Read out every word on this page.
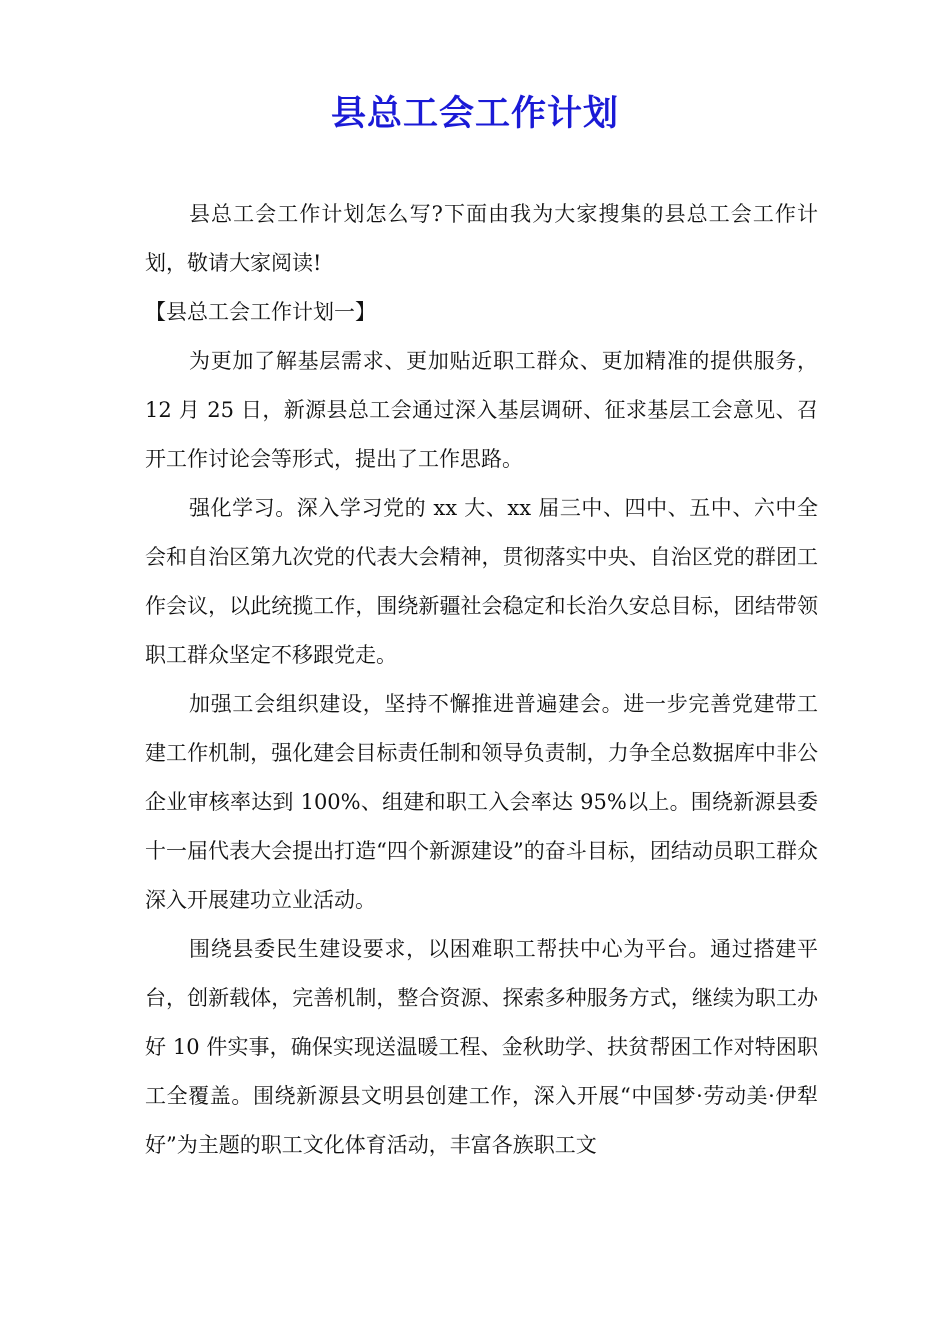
县总工会工作计划

县总工会工作计划怎么写?下面由我为大家搜集的县总工会工作计划，敬请大家阅读!

【县总工会工作计划一】

为更加了解基层需求、更加贴近职工群众、更加精准的提供服务，12 月 25 日，新源县总工会通过深入基层调研、征求基层工会意见、召开工作讨论会等形式，提出了工作思路。

强化学习。深入学习党的 xx 大、xx 届三中、四中、五中、六中全会和自治区第九次党的代表大会精神，贯彻落实中央、自治区党的群团工作会议，以此统揽工作，围绕新疆社会稳定和长治久安总目标，团结带领职工群众坚定不移跟党走。

加强工会组织建设，坚持不懈推进普遍建会。进一步完善党建带工建工作机制，强化建会目标责任制和领导负责制，力争全总数据库中非公企业审核率达到 100%、组建和职工入会率达 95%以上。围绕新源县委十一届代表大会提出打造“四个新源建设”的奋斗目标，团结动员职工群众深入开展建功立业活动。

围绕县委民生建设要求，以困难职工帮扶中心为平台。通过搭建平台，创新载体，完善机制，整合资源、探索多种服务方式，继续为职工办好 10 件实事，确保实现送温暖工程、金秋助学、扶贫帮困工作对特困职工全覆盖。围绕新源县文明县创建工作，深入开展“中国梦·劳动美·伊犁好”为主题的职工文化体育活动，丰富各族职工文
